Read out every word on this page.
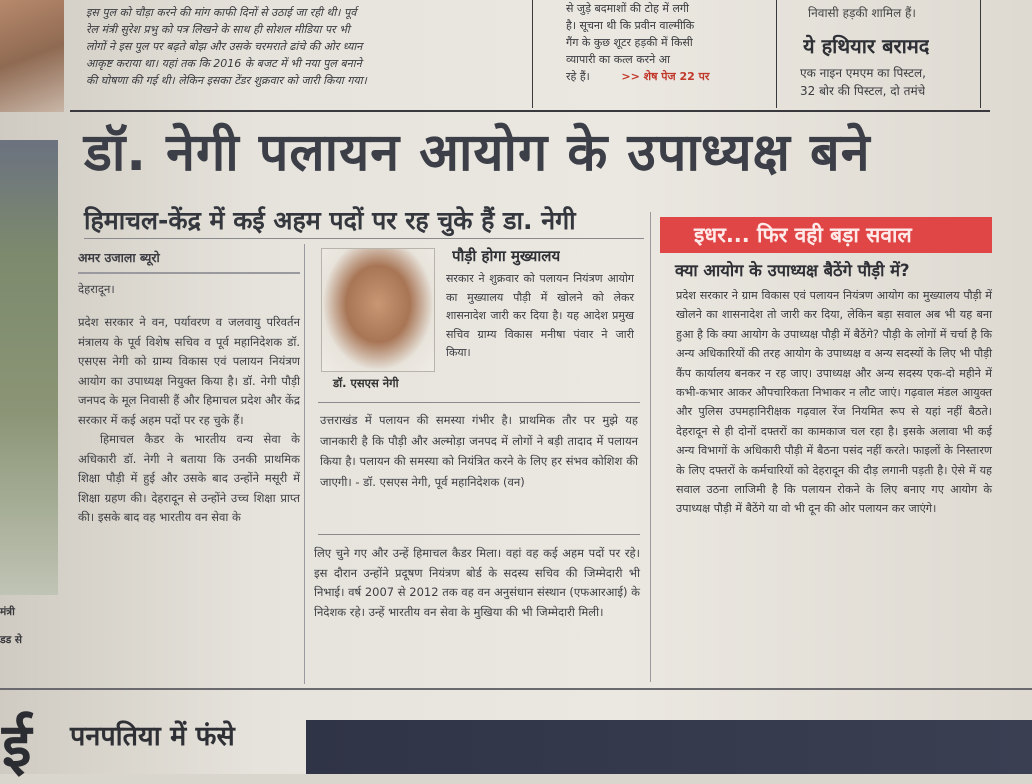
इस पुल को चौड़ा करने की मांग काफी दिनों से उठाई जा रही थी। पूर्व
रेल मंत्री सुरेश प्रभु को पत्र लिखने के साथ ही सोशल मीडिया पर भी
लोगों ने इस पुल पर बढ़ते बोझ और उसके चरमराते ढांचे की ओर ध्यान
आकृष्ट कराया था। यहां तक कि 2016 के बजट में भी नया पुल बनाने
की घोषणा की गई थी। लेकिन इसका टेंडर शुक्रवार को जारी किया गया।
से जुड़े बदमाशों की टोह में लगी
है। सूचना थी कि प्रवीन वाल्मीकि
गैंग के कुछ शूटर हड़की में किसी
व्यापारी का कत्ल करने आ
रहे हैं।	>> शेष पेज 22 पर
निवासी हड़की शामिल हैं।
ये हथियार बरामद
एक नाइन एमएम का पिस्टल,
32 बोर की पिस्टल, दो तमंचे
डॉ. नेगी पलायन आयोग के उपाध्यक्ष बने
हिमाचल-केंद्र में कई अहम पदों पर रह चुके हैं डा. नेगी

अमर उजाला ब्यूरो

देहरादून।

प्रदेश सरकार ने वन, पर्यावरण व जलवायु परिवर्तन मंत्रालय के पूर्व विशेष सचिव व पूर्व महानिदेशक डॉ. एसएस नेगी को ग्राम्य विकास एवं पलायन नियंत्रण आयोग का उपाध्यक्ष नियुक्त किया है। डॉ. नेगी पौड़ी जनपद के मूल निवासी हैं और हिमाचल प्रदेश और केंद्र सरकार में कई अहम पदों पर रह चुके हैं।

हिमाचल कैडर के भारतीय वन्य सेवा के अधिकारी डॉ. नेगी ने बताया कि उनकी प्राथमिक शिक्षा पौड़ी में हुई और उसके बाद उन्होंने मसूरी में शिक्षा ग्रहण की। देहरादून से उन्होंने उच्च शिक्षा प्राप्त की। इसके बाद वह भारतीय वन सेवा के

डॉ. एसएस नेगी
पौड़ी होगा मुख्यालय
सरकार ने शुक्रवार को पलायन नियंत्रण आयोग का मुख्यालय पौड़ी में खोलने को लेकर शासनादेश जारी कर दिया है। यह आदेश प्रमुख सचिव ग्राम्य विकास मनीषा पंवार ने जारी किया।
उत्तराखंड में पलायन की समस्या गंभीर है। प्राथमिक तौर पर मुझे यह जानकारी है कि पौड़ी और अल्मोड़ा जनपद में लोगों ने बड़ी तादाद में पलायन किया है। पलायन की समस्या को नियंत्रित करने के लिए हर संभव कोशिश की जाएगी। - डॉ. एसएस नेगी, पूर्व महानिदेशक (वन)
लिए चुने गए और उन्हें हिमाचल कैडर मिला। वहां वह कई अहम पदों पर रहे। इस दौरान उन्होंने प्रदूषण नियंत्रण बोर्ड के सदस्य सचिव की जिम्मेदारी भी निभाई। वर्ष 2007 से 2012 तक वह वन अनुसंधान संस्थान (एफआरआई) के निदेशक रहे। उन्हें भारतीय वन सेवा के मुखिया की भी जिम्मेदारी मिली।
इधर... फिर वही बड़ा सवाल
क्या आयोग के उपाध्यक्ष बैठेंगे पौड़ी में?
प्रदेश सरकार ने ग्राम विकास एवं पलायन नियंत्रण आयोग का मुख्यालय पौड़ी में खोलने का शासनादेश तो जारी कर दिया, लेकिन बड़ा सवाल अब भी यह बना हुआ है कि क्या आयोग के उपाध्यक्ष पौड़ी में बैठेंगे? पौड़ी के लोगों में चर्चा है कि अन्य अधिकारियों की तरह आयोग के उपाध्यक्ष व अन्य सदस्यों के लिए भी पौड़ी कैंप कार्यालय बनकर न रह जाए। उपाध्यक्ष और अन्य सदस्य एक-दो महीने में कभी-कभार आकर औपचारिकता निभाकर न लौट जाएं। गढ़वाल मंडल आयुक्त और पुलिस उपमहानिरीक्षक गढ़वाल रेंज नियमित रूप से यहां नहीं बैठते। देहरादून से ही दोनों दफ्तरों का कामकाज चल रहा है। इसके अलावा भी कई अन्य विभागों के अधिकारी पौड़ी में बैठना पसंद नहीं करते। फाइलों के निस्तारण के लिए दफ्तरों के कर्मचारियों को देहरादून की दौड़ लगानी पड़ती है। ऐसे में यह सवाल उठना लाजिमी है कि पलायन रोकने के लिए बनाए गए आयोग के उपाध्यक्ष पौड़ी में बैठेंगे या वो भी दून की ओर पलायन कर जाएंगे।
मंत्री
डड से
ई पनपतिया में फंसे
